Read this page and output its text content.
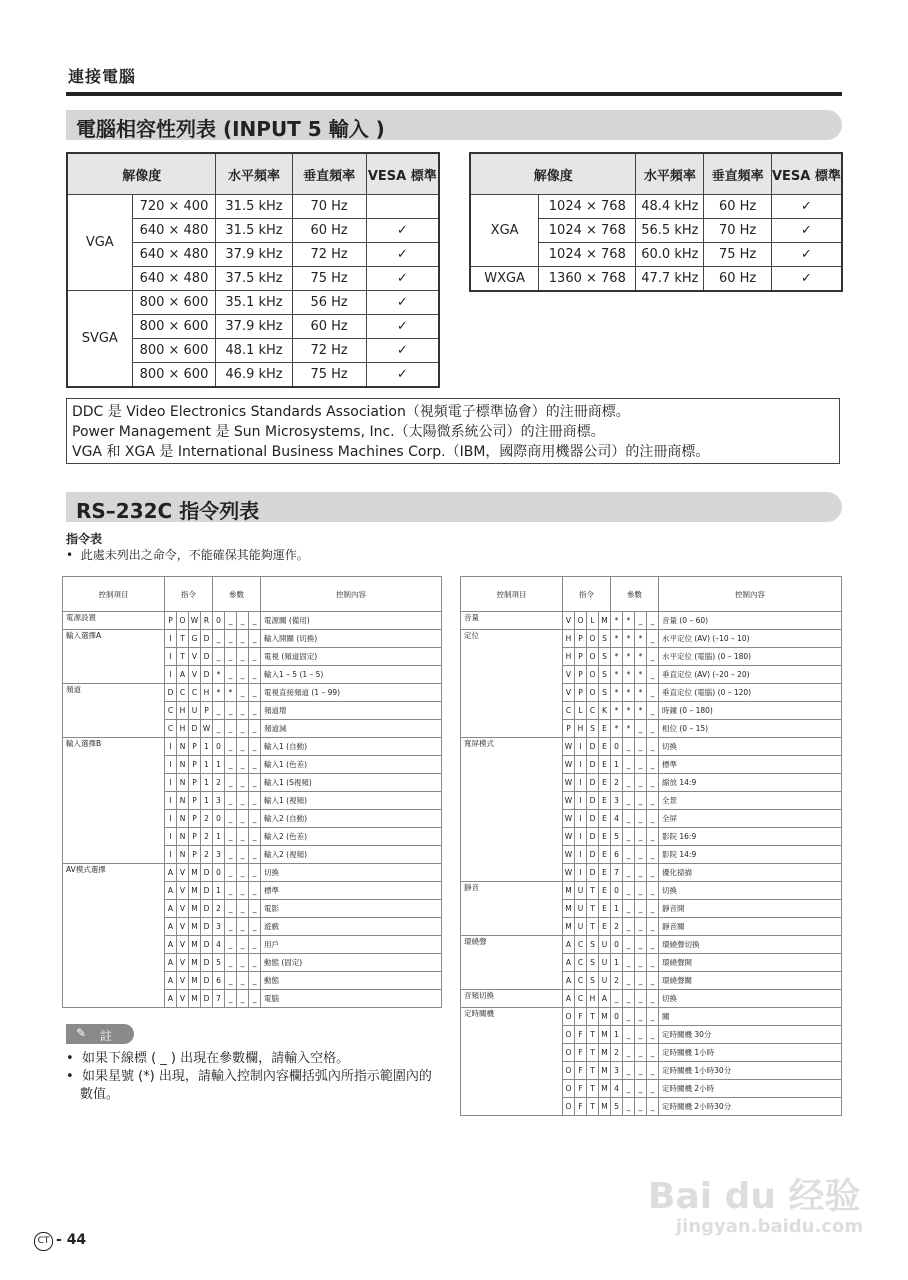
連接電腦
電腦相容性列表 (INPUT 5 輸入 )
解像度		水平頻率	垂直頻率	VESA 標準
VGA	720 × 400	31.5 kHz	70 Hz	
	640 × 480	31.5 kHz	60 Hz	✓
	640 × 480	37.9 kHz	72 Hz	✓
	640 × 480	37.5 kHz	75 Hz	✓
SVGA	800 × 600	35.1 kHz	56 Hz	✓
	800 × 600	37.9 kHz	60 Hz	✓
	800 × 600	48.1 kHz	72 Hz	✓
	800 × 600	46.9 kHz	75 Hz	✓
解像度		水平頻率	垂直頻率	VESA 標準
XGA	1024 × 768	48.4 kHz	60 Hz	✓
	1024 × 768	56.5 kHz	70 Hz	✓
	1024 × 768	60.0 kHz	75 Hz	✓
WXGA	1360 × 768	47.7 kHz	60 Hz	✓
DDC 是 Video Electronics Standards Association（視頻電子標準協會）的注冊商標。
Power Management 是 Sun Microsystems, Inc.（太陽微系統公司）的注冊商標。
VGA 和 XGA 是 International Business Machines Corp.（IBM，國際商用機器公司）的注冊商標。
RS–232C 指令列表
指令表
•  此處未列出之命令，不能確保其能夠運作。
控制項目	指令				參數				控制內容
電源設置	P	O	W	R	0	_	_	_	電源關 (備用)
輸入選擇A	I	T	G	D	_	_	_	_	輸入開關 (切換)
	I	T	V	D	_	_	_	_	電視 (頻道固定)
	I	A	V	D	*	_	_	_	輸入1 – 5 (1 – 5)
頻道	D	C	C	H	*	*	_	_	電視直接頻道 (1 – 99)
	C	H	U	P	_	_	_	_	頻道增
	C	H	D	W	_	_	_	_	頻道減
輸入選擇B	I	N	P	1	0	_	_	_	輸入1 (自動)
	I	N	P	1	1	_	_	_	輸入1 (色差)
	I	N	P	1	2	_	_	_	輸入1 (S視頻)
	I	N	P	1	3	_	_	_	輸入1 (視頻)
	I	N	P	2	0	_	_	_	輸入2 (自動)
	I	N	P	2	1	_	_	_	輸入2 (色差)
	I	N	P	2	3	_	_	_	輸入2 (視頻)
AV模式選擇	A	V	M	D	0	_	_	_	切換
	A	V	M	D	1	_	_	_	標準
	A	V	M	D	2	_	_	_	電影
	A	V	M	D	3	_	_	_	遊戲
	A	V	M	D	4	_	_	_	用戶
	A	V	M	D	5	_	_	_	動態 (固定)
	A	V	M	D	6	_	_	_	動態
	A	V	M	D	7	_	_	_	電腦
控制項目	指令				參數				控制內容
音量	V	O	L	M	*	*	_	_	音量 (0 – 60)
定位	H	P	O	S	*	*	*	_	水平定位 (AV) (–10 – 10)
	H	P	O	S	*	*	*	_	水平定位 (電腦) (0 – 180)
	V	P	O	S	*	*	*	_	垂直定位 (AV) (–20 – 20)
	V	P	O	S	*	*	*	_	垂直定位 (電腦) (0 – 120)
	C	L	C	K	*	*	*	_	時鐘 (0 – 180)
	P	H	S	E	*	*	_	_	相位 (0 – 15)
寬屏模式	W	I	D	E	0	_	_	_	切換
	W	I	D	E	1	_	_	_	標準
	W	I	D	E	2	_	_	_	縮放 14:9
	W	I	D	E	3	_	_	_	全景
	W	I	D	E	4	_	_	_	全屏
	W	I	D	E	5	_	_	_	影院 16:9
	W	I	D	E	6	_	_	_	影院 14:9
	W	I	D	E	7	_	_	_	優化掃描
靜音	M	U	T	E	0	_	_	_	切換
	M	U	T	E	1	_	_	_	靜音開
	M	U	T	E	2	_	_	_	靜音關
環繞聲	A	C	S	U	0	_	_	_	環繞聲切換
	A	C	S	U	1	_	_	_	環繞聲開
	A	C	S	U	2	_	_	_	環繞聲關
音頻切換	A	C	H	A	_	_	_	_	切換
定時關機	O	F	T	M	0	_	_	_	關
	O	F	T	M	1	_	_	_	定時關機 30分
	O	F	T	M	2	_	_	_	定時關機 1小時
	O	F	T	M	3	_	_	_	定時關機 1小時30分
	O	F	T	M	4	_	_	_	定時關機 2小時
	O	F	T	M	5	_	_	_	定時關機 2小時30分
✎ 註
•  如果下線標 ( _ ) 出現在參數欄，請輸入空格。
•  如果星號 (*) 出現，請輸入控制內容欄括弧內所指示範圍內的數值。
CT - 44
Bai du 经验
jingyan.baidu.com
